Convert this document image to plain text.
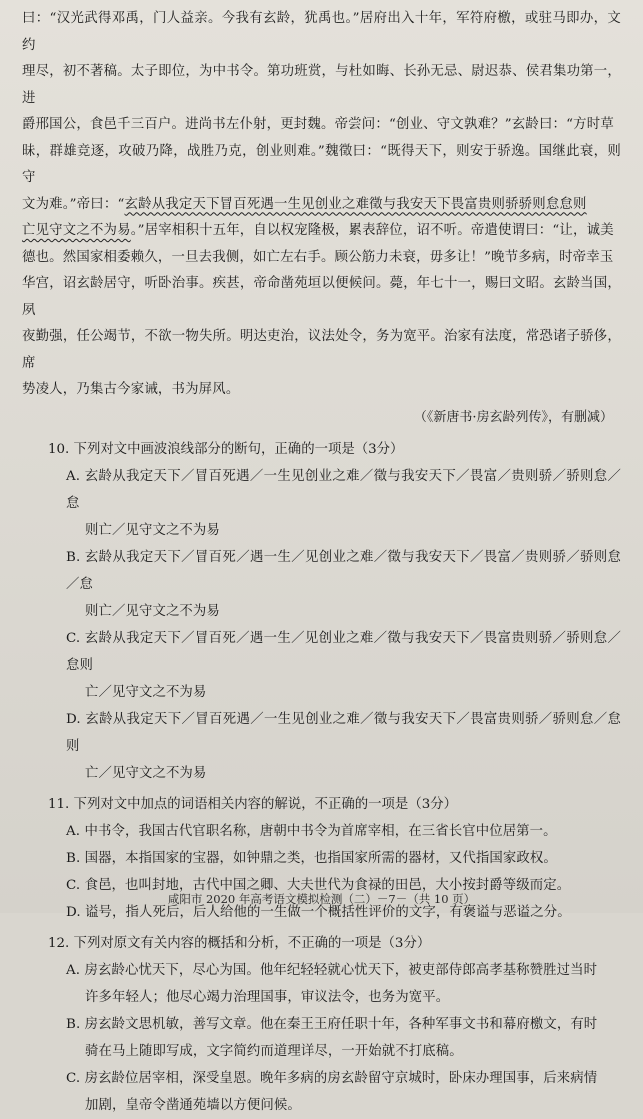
曰：“汉光武得邓禹，门人益亲。今我有玄龄，犹禹也。”居府出入十年，军符府檄，或驻马即办，文约

理尽，初不著稿。太子即位，为中书令。第功班赏，与杜如晦、长孙无忌、尉迟恭、侯君集功第一，进

爵邢国公，食邑千三百户。进尚书左仆射，更封魏。帝尝问：“创业、守文孰难？”玄龄曰：“方时草

昧，群雄竞逐，攻破乃降，战胜乃克，创业则难。”魏徵曰：“既得天下，则安于骄逸。国继此衰，则守

文为难。”帝曰：“玄龄从我定天下冒百死遇一生见创业之难徵与我安天下畏富贵则骄骄则怠怠则

亡见守文之不为易。”居宰相积十五年，自以权宠隆极，累表辞位，诏不听。帝遣使谓曰：“让，诚美

德也。然国家相委赖久，一旦去我侧，如亡左右手。顾公筋力未衰，毋多让！”晚节多病，时帝幸玉

华宫，诏玄龄居守，听卧治事。疾甚，帝命凿苑垣以便候问。薨，年七十一，赐曰文昭。玄龄当国，夙

夜勤强，任公竭节，不欲一物失所。明达吏治，议法处令，务为宽平。治家有法度，常恐诸子骄侈，席

势凌人，乃集古今家诫，书为屏风。

（《新唐书·房玄龄列传》，有删减）

10. 下列对文中画波浪线部分的断句，正确的一项是（3分）

A. 玄龄从我定天下／冒百死遇／一生见创业之难／徵与我安天下／畏富／贵则骄／骄则怠／怠
则亡／见守文之不为易

B. 玄龄从我定天下／冒百死／遇一生／见创业之难／徵与我安天下／畏富／贵则骄／骄则怠／怠
则亡／见守文之不为易

C. 玄龄从我定天下／冒百死／遇一生／见创业之难／徵与我安天下／畏富贵则骄／骄则怠／怠则
亡／见守文之不为易

D. 玄龄从我定天下／冒百死遇／一生见创业之难／徵与我安天下／畏富贵则骄／骄则怠／怠则
亡／见守文之不为易

11. 下列对文中加点的词语相关内容的解说，不正确的一项是（3分）

A. 中书令，我国古代官职名称，唐朝中书令为首席宰相，在三省长官中位居第一。

B. 国器，本指国家的宝器，如钟鼎之类，也指国家所需的器材，又代指国家政权。

C. 食邑，也叫封地，古代中国之卿、大夫世代为食禄的田邑，大小按封爵等级而定。

D. 谥号，指人死后，后人给他的一生做一个概括性评价的文字，有褒谥与恶谥之分。

12. 下列对原文有关内容的概括和分析，不正确的一项是（3分）

A. 房玄龄心忧天下，尽心为国。他年纪轻轻就心忧天下，被吏部侍郎高孝基称赞胜过当时
许多年轻人；他尽心竭力治理国事，审议法令，也务为宽平。

B. 房玄龄文思机敏，善写文章。他在秦王王府任职十年，各种军事文书和幕府檄文，有时
骑在马上随即写成，文字简约而道理详尽，一开始就不打底稿。

C. 房玄龄位居宰相，深受皇恩。晚年多病的房玄龄留守京城时，卧床办理国事，后来病情
加剧，皇帝令凿通苑墙以方便问候。

咸阳市 2020 年高考语文模拟检测（二）－7－（共 10 页）
